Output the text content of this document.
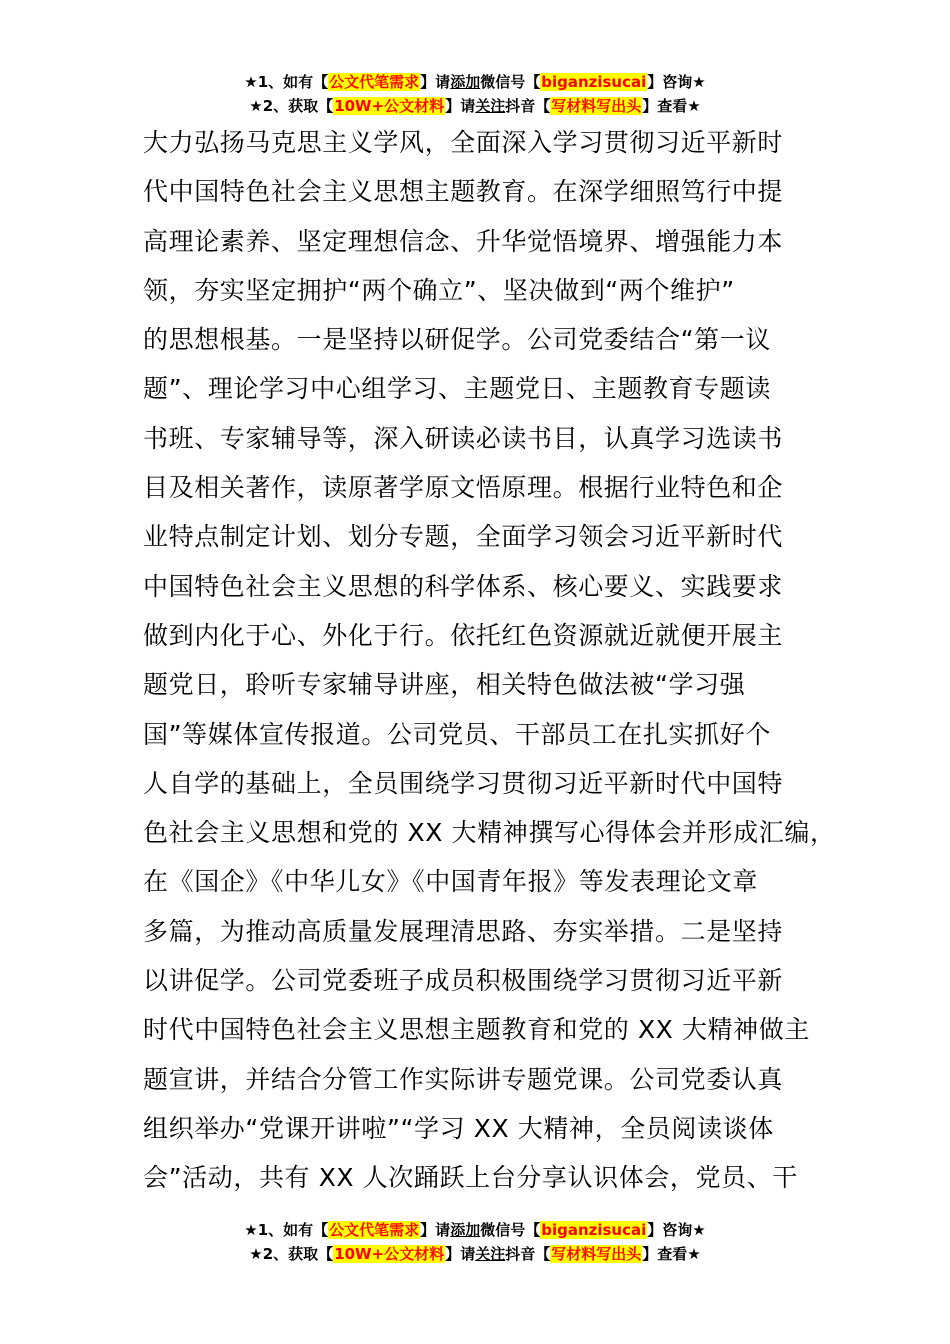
★1、如有【公文代笔需求】请添加微信号【biganzisucai】咨询★
★2、获取【10W+公文材料】请关注抖音【写材料写出头】查看★
大力弘扬马克思主义学风，全面深入学习贯彻习近平新时
代中国特色社会主义思想主题教育。在深学细照笃行中提
高理论素养、坚定理想信念、升华觉悟境界、增强能力本
领，夯实坚定拥护“两个确立”、坚决做到“两个维护”
的思想根基。一是坚持以研促学。公司党委结合“第一议
题”、理论学习中心组学习、主题党日、主题教育专题读
书班、专家辅导等，深入研读必读书目，认真学习选读书
目及相关著作，读原著学原文悟原理。根据行业特色和企
业特点制定计划、划分专题，全面学习领会习近平新时代
中国特色社会主义思想的科学体系、核心要义、实践要求
做到内化于心、外化于行。依托红色资源就近就便开展主
题党日，聆听专家辅导讲座，相关特色做法被“学习强
国”等媒体宣传报道。公司党员、干部员工在扎实抓好个
人自学的基础上，全员围绕学习贯彻习近平新时代中国特
色社会主义思想和党的 XX 大精神撰写心得体会并形成汇编，
在《国企》《中华儿女》《中国青年报》等发表理论文章
多篇，为推动高质量发展理清思路、夯实举措。二是坚持
以讲促学。公司党委班子成员积极围绕学习贯彻习近平新
时代中国特色社会主义思想主题教育和党的 XX 大精神做主
题宣讲，并结合分管工作实际讲专题党课。公司党委认真
组织举办“党课开讲啦”“学习 XX 大精神，全员阅读谈体
会”活动，共有 XX 人次踊跃上台分享认识体会，党员、干
★1、如有【公文代笔需求】请添加微信号【biganzisucai】咨询★
★2、获取【10W+公文材料】请关注抖音【写材料写出头】查看★
